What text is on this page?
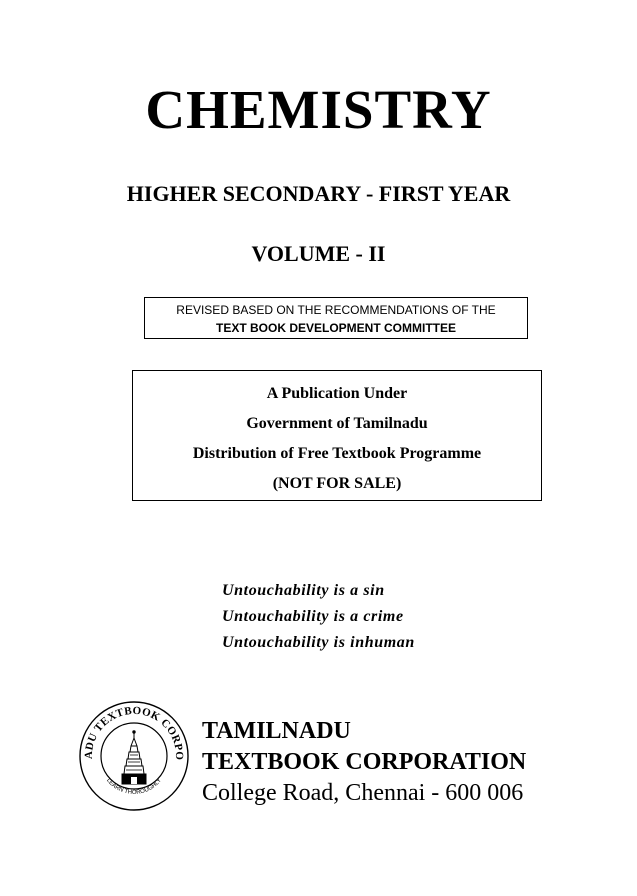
CHEMISTRY
HIGHER SECONDARY - FIRST YEAR
VOLUME - II
REVISED BASED ON THE RECOMMENDATIONS OF THE
TEXT BOOK DEVELOPMENT COMMITTEE
A Publication Under
Government of Tamilnadu
Distribution of Free Textbook Programme
(NOT FOR SALE)
Untouchability is a sin
Untouchability is a crime
Untouchability is inhuman
ADU TEXTBOOK CORPO
LEARN THOROUGHLY
TAMILNADU
TEXTBOOK CORPORATION
College Road, Chennai - 600 006
